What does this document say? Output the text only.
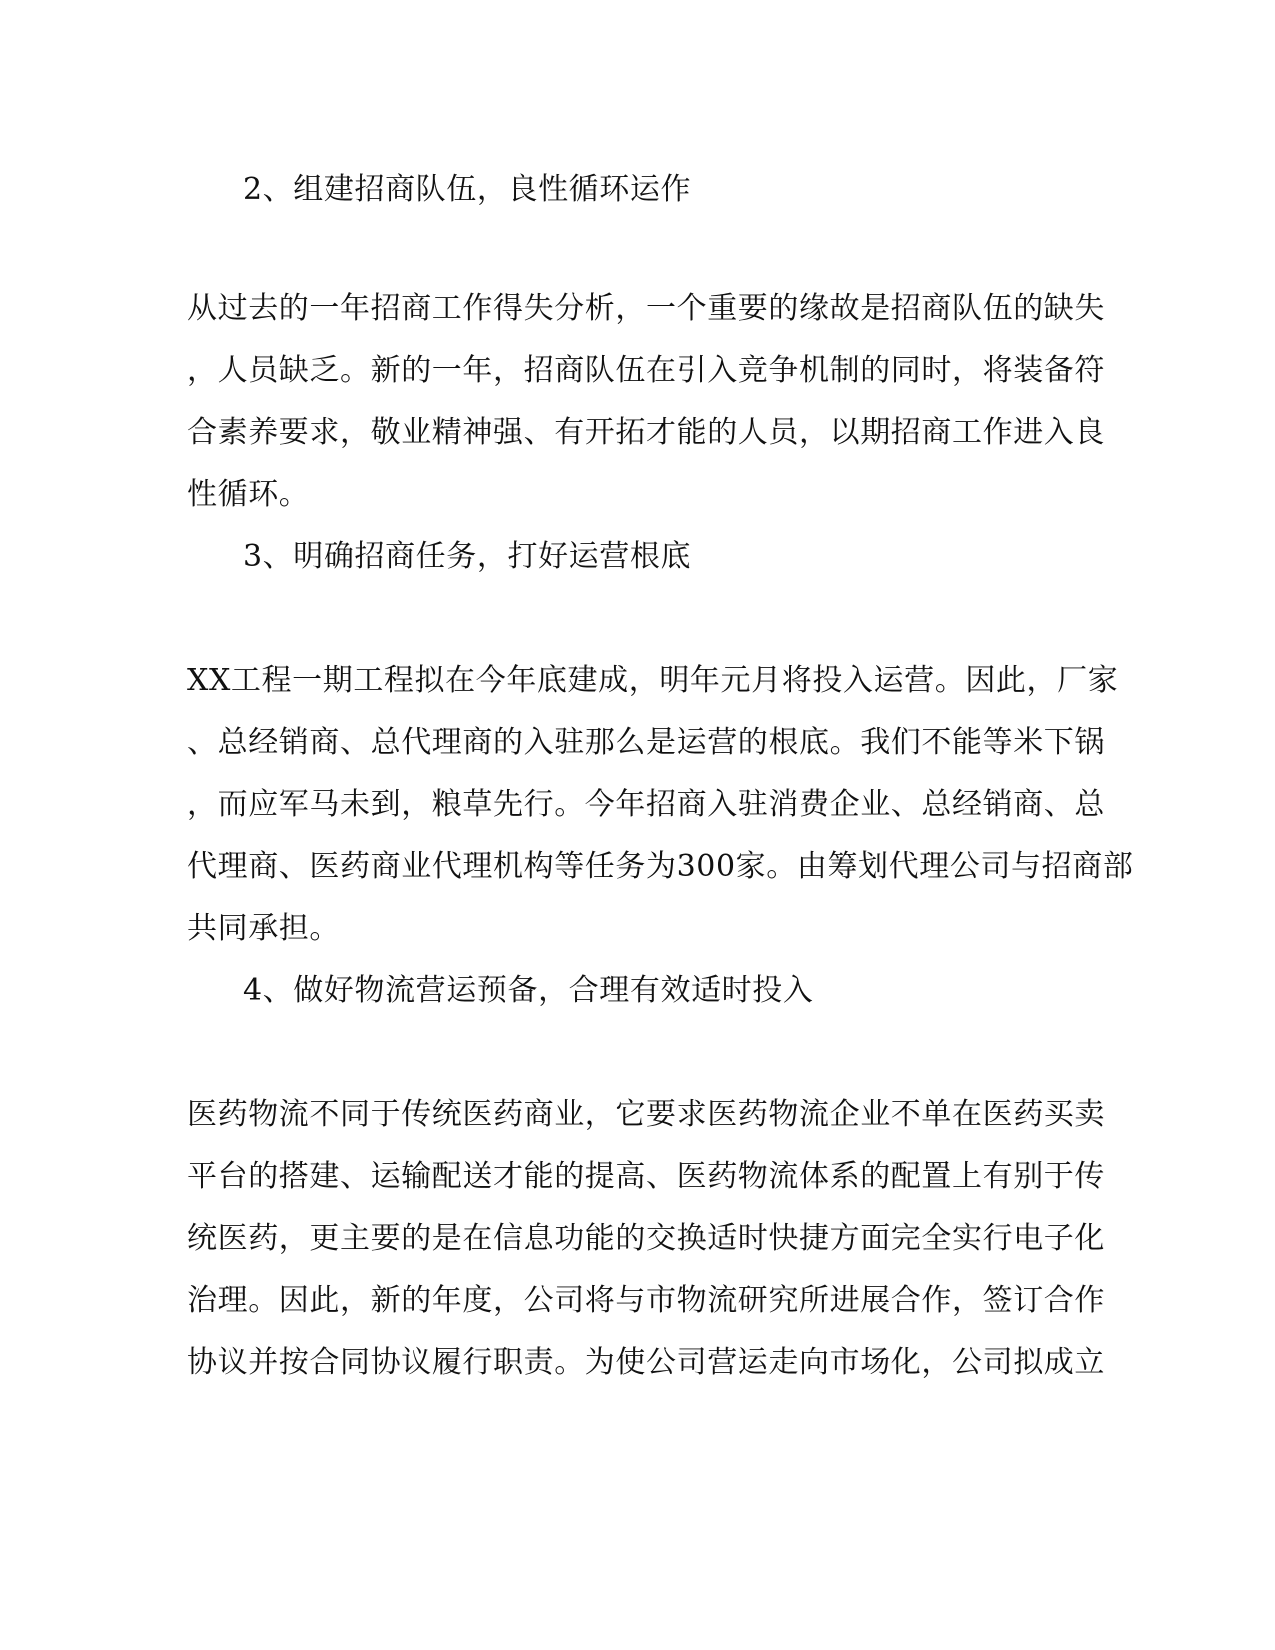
2、组建招商队伍，良性循环运作
从过去的一年招商工作得失分析，一个重要的缘故是招商队伍的缺失
，人员缺乏。新的一年，招商队伍在引入竞争机制的同时，将装备符
合素养要求，敬业精神强、有开拓才能的人员，以期招商工作进入良
性循环。
3、明确招商任务，打好运营根底
XX工程一期工程拟在今年底建成，明年元月将投入运营。因此，厂家
、总经销商、总代理商的入驻那么是运营的根底。我们不能等米下锅
，而应军马未到，粮草先行。今年招商入驻消费企业、总经销商、总
代理商、医药商业代理机构等任务为300家。由筹划代理公司与招商部
共同承担。
4、做好物流营运预备，合理有效适时投入
医药物流不同于传统医药商业，它要求医药物流企业不单在医药买卖
平台的搭建、运输配送才能的提高、医药物流体系的配置上有别于传
统医药，更主要的是在信息功能的交换适时快捷方面完全实行电子化
治理。因此，新的年度，公司将与市物流研究所进展合作，签订合作
协议并按合同协议履行职责。为使公司营运走向市场化，公司拟成立
